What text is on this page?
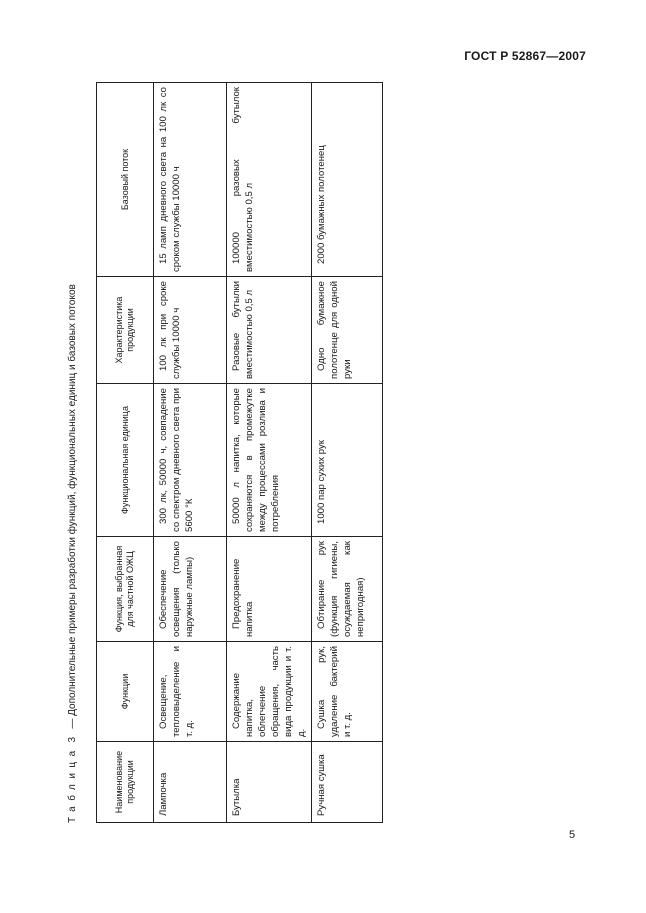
ГОСТ Р 52867—2007
Таблица 3 — Дополнительные примеры разработки функций, функциональных единиц и базовых потоков
Наименование продукции	Функции	Функция, выбранная для частной ОЖЦ	Функциональная единица	Характеристика продукции	Базовый поток

Лампочка	Освещение, тепловыделение и т. д.	Обеспечение освещения (только наружные лампы)	300 лк, 50000 ч, совпадение со спектром дневного света при 5600 °К	100 лк при сроке службы 10000 ч	15 ламп дневного света на 100 лк со сроком службы 10000 ч

Бутылка	Содержание напитка, облегчение обращения, часть вида продукции и т. д.	Предохранение напитка	50000 л напитка, которые сохраняются в промежутке между процессами розлива и потребления	Разовые бутылки вместимостью 0,5 л	100000 разовых бутылок вместимостью 0,5 л

Ручная сушка	Сушка рук, удаление бактерий и т. д.	Обтирание рук (функция гигиены, осуждаемая как непригодная)	1000 пар сухих рук	Одно бумажное полотенце для одной руки	2000 бумажных полотенец
5
